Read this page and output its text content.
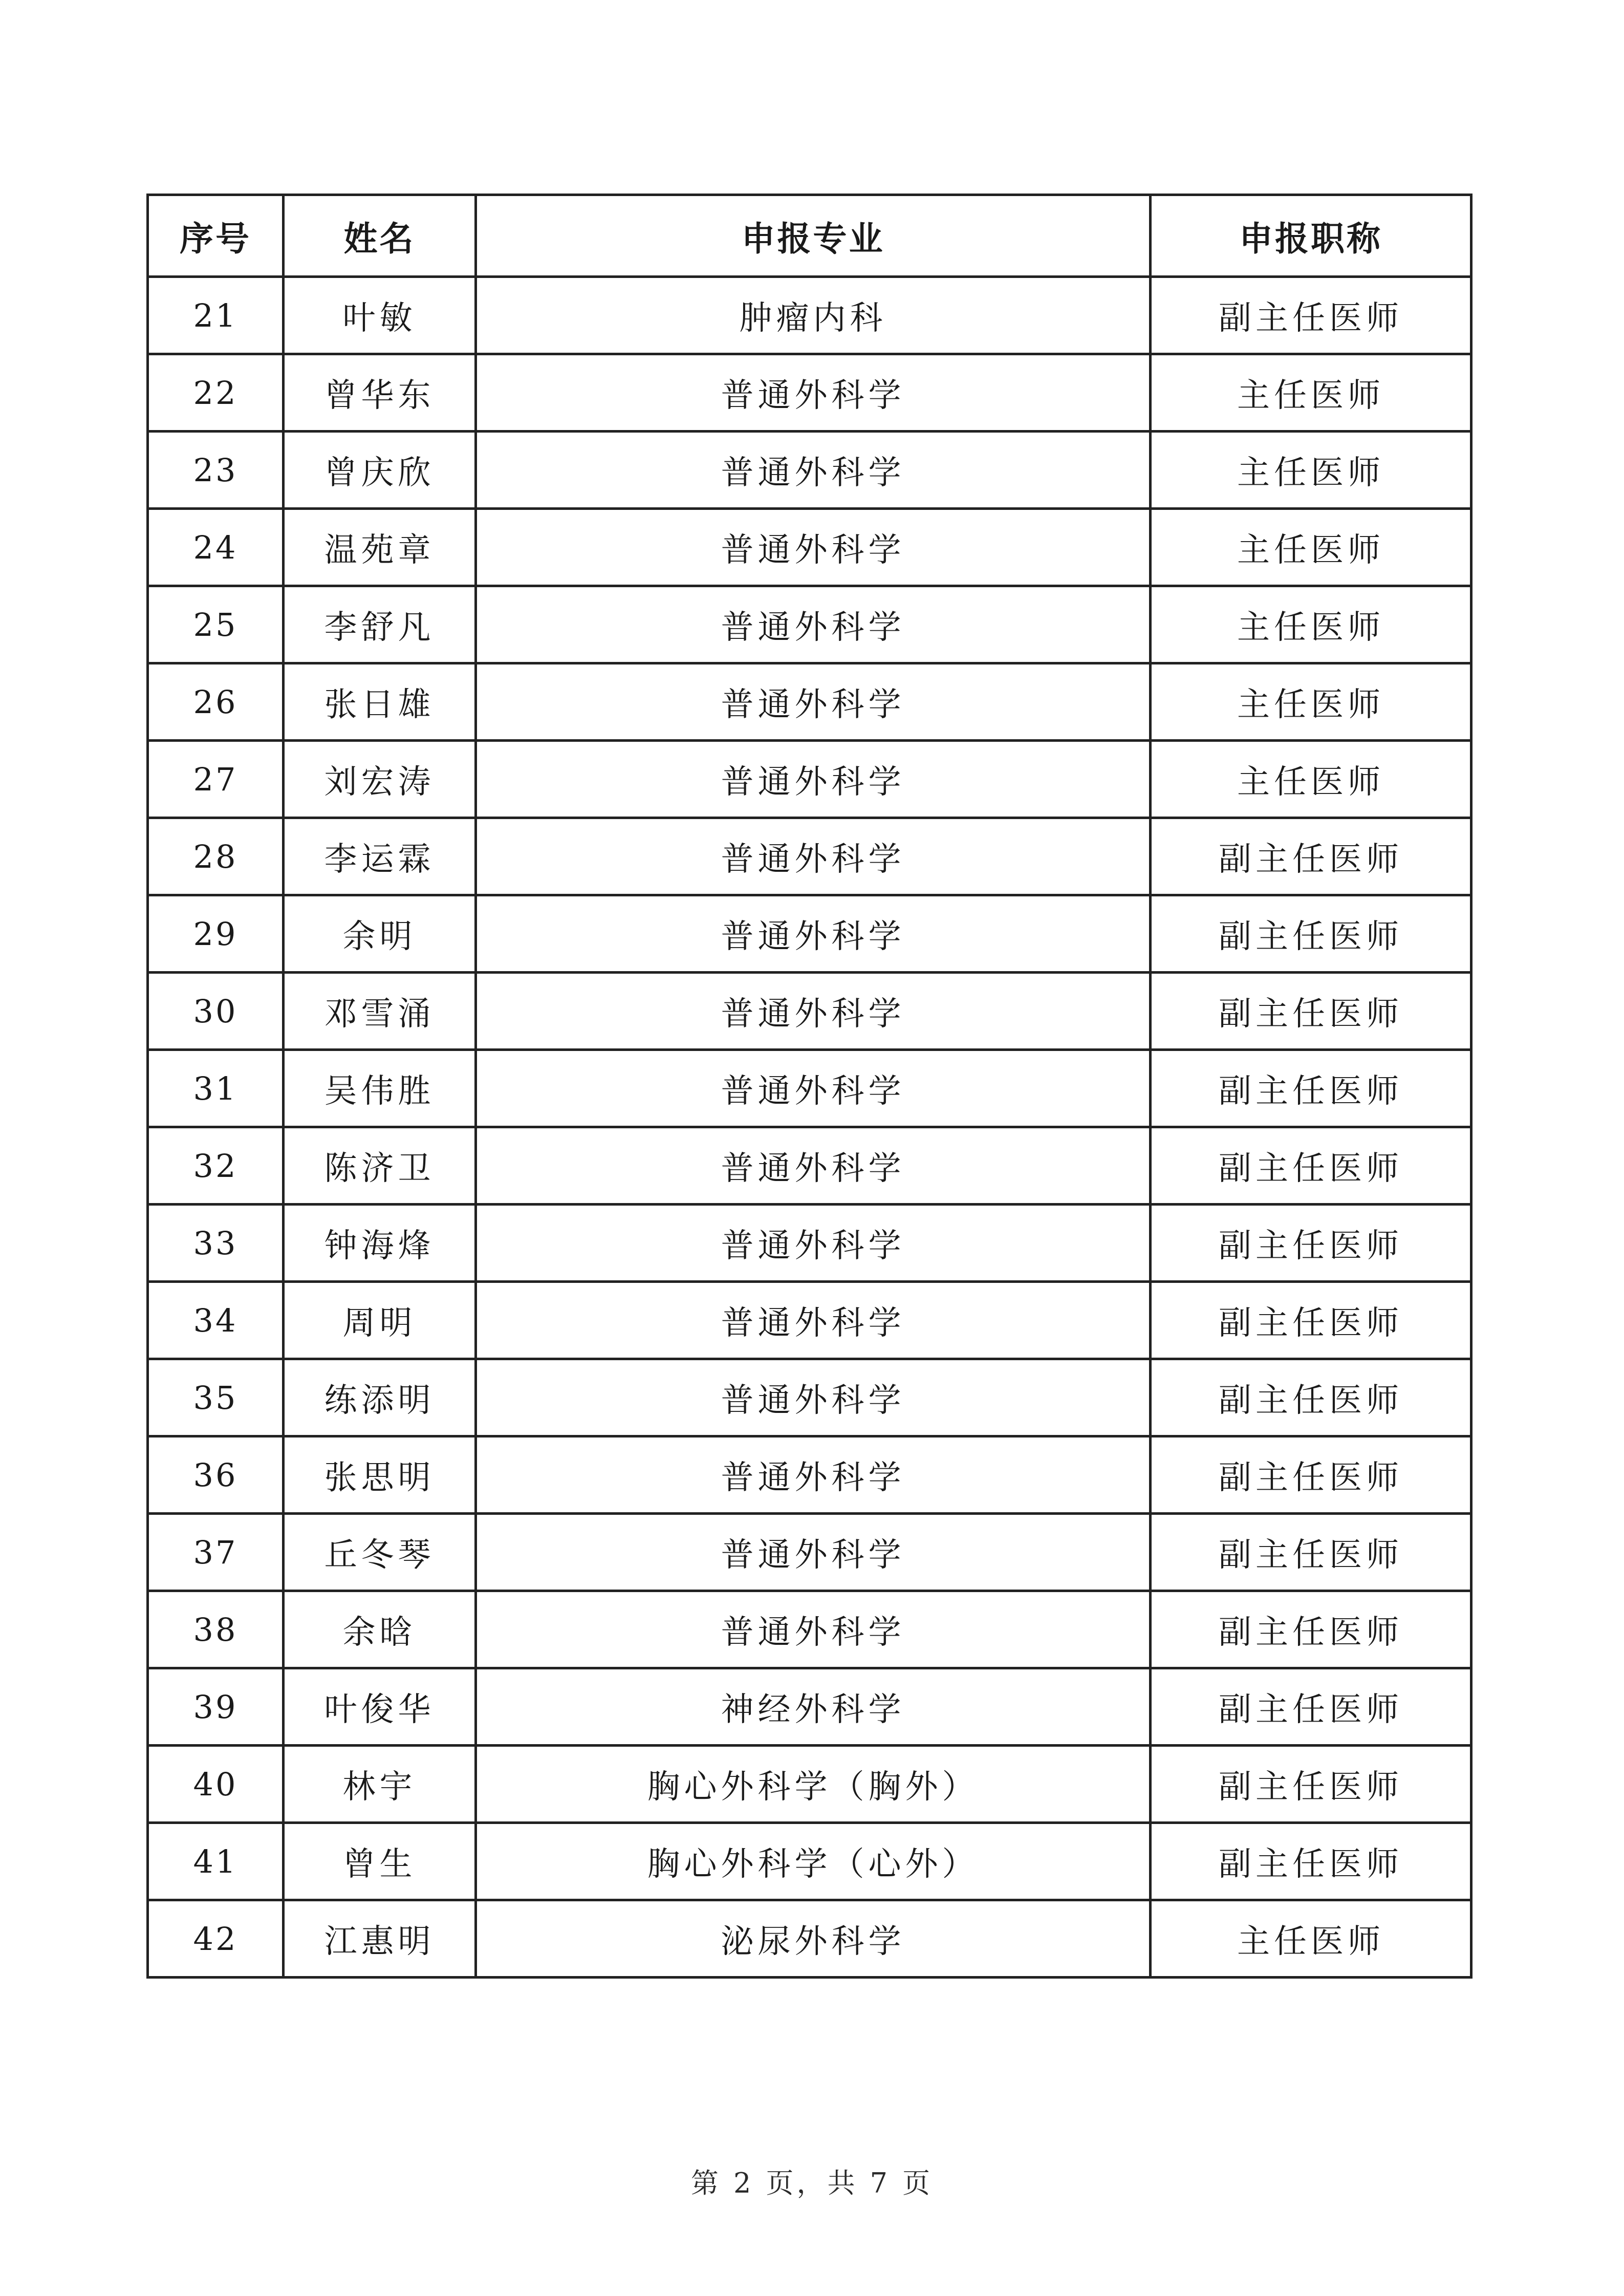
序号	姓名	申报专业	申报职称
21	叶敏	肿瘤内科	副主任医师
22	曾华东	普通外科学	主任医师
23	曾庆欣	普通外科学	主任医师
24	温苑章	普通外科学	主任医师
25	李舒凡	普通外科学	主任医师
26	张日雄	普通外科学	主任医师
27	刘宏涛	普通外科学	主任医师
28	李运霖	普通外科学	副主任医师
29	余明	普通外科学	副主任医师
30	邓雪涌	普通外科学	副主任医师
31	吴伟胜	普通外科学	副主任医师
32	陈济卫	普通外科学	副主任医师
33	钟海烽	普通外科学	副主任医师
34	周明	普通外科学	副主任医师
35	练添明	普通外科学	副主任医师
36	张思明	普通外科学	副主任医师
37	丘冬琴	普通外科学	副主任医师
38	余晗	普通外科学	副主任医师
39	叶俊华	神经外科学	副主任医师
40	林宇	胸心外科学（胸外）	副主任医师
41	曾生	胸心外科学（心外）	副主任医师
42	江惠明	泌尿外科学	主任医师
第 2 页，共 7 页
